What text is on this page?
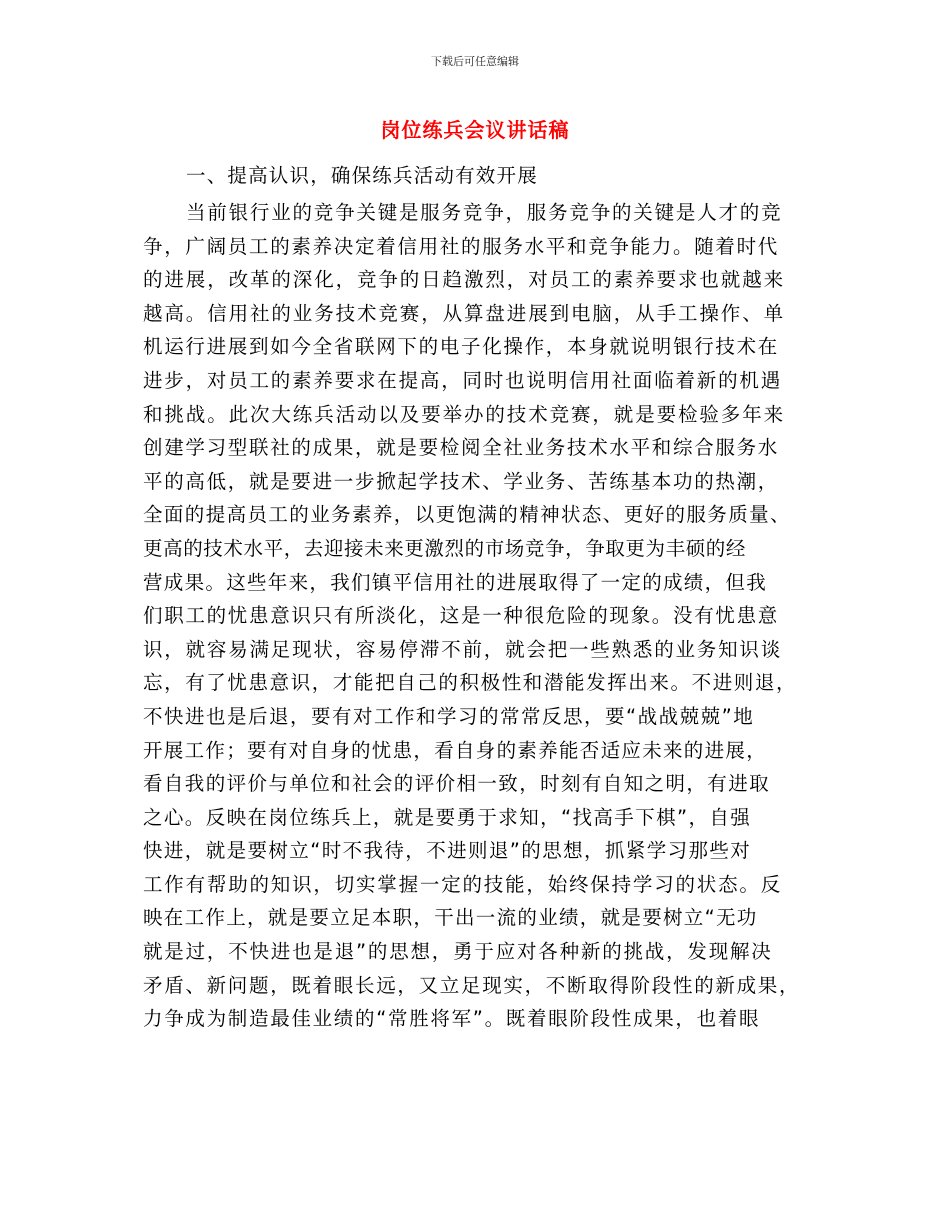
下载后可任意编辑
岗位练兵会议讲话稿
一、提高认识，确保练兵活动有效开展
当前银行业的竞争关键是服务竞争，服务竞争的关键是人才的竞
争，广阔员工的素养决定着信用社的服务水平和竞争能力。随着时代
的进展，改革的深化，竞争的日趋激烈，对员工的素养要求也就越来
越高。信用社的业务技术竞赛，从算盘进展到电脑，从手工操作、单
机运行进展到如今全省联网下的电子化操作，本身就说明银行技术在
进步，对员工的素养要求在提高，同时也说明信用社面临着新的机遇
和挑战。此次大练兵活动以及要举办的技术竞赛，就是要检验多年来
创建学习型联社的成果，就是要检阅全社业务技术水平和综合服务水
平的高低，就是要进一步掀起学技术、学业务、苦练基本功的热潮，
全面的提高员工的业务素养，以更饱满的精神状态、更好的服务质量、
更高的技术水平，去迎接未来更激烈的市场竞争，争取更为丰硕的经
营成果。这些年来，我们镇平信用社的进展取得了一定的成绩，但我
们职工的忧患意识只有所淡化，这是一种很危险的现象。没有忧患意
识，就容易满足现状，容易停滞不前，就会把一些熟悉的业务知识谈
忘，有了忧患意识，才能把自己的积极性和潜能发挥出来。不进则退，
不快进也是后退，要有对工作和学习的常常反思，要“战战兢兢”地
开展工作；要有对自身的忧患，看自身的素养能否适应未来的进展，
看自我的评价与单位和社会的评价相一致，时刻有自知之明，有进取
之心。反映在岗位练兵上，就是要勇于求知，“找高手下棋”，自强
快进，就是要树立“时不我待，不进则退”的思想，抓紧学习那些对
工作有帮助的知识，切实掌握一定的技能，始终保持学习的状态。反
映在工作上，就是要立足本职，干出一流的业绩，就是要树立“无功
就是过，不快进也是退”的思想，勇于应对各种新的挑战，发现解决
矛盾、新问题，既着眼长远，又立足现实，不断取得阶段性的新成果，
力争成为制造最佳业绩的“常胜将军”。既着眼阶段性成果，也着眼
